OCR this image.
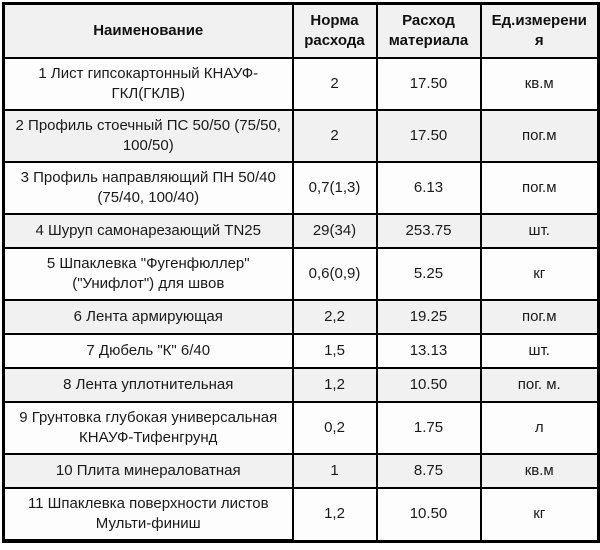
Наименование	Норма расхода	Расход материала	Ед.измерения
1 Лист гипсокартонный КНАУФ-ГКЛ(ГКЛВ)	2	17.50	кв.м
2 Профиль стоечный ПС 50/50 (75/50, 100/50)	2	17.50	пог.м
3 Профиль направляющий ПН 50/40 (75/40, 100/40)	0,7(1,3)	6.13	пог.м
4 Шуруп самонарезающий TN25	29(34)	253.75	шт.
5 Шпаклевка "Фугенфюллер" ("Унифлот") для швов	0,6(0,9)	5.25	кг
6 Лента армирующая	2,2	19.25	пог.м
7 Дюбель "К" 6/40	1,5	13.13	шт.
8 Лента уплотнительная	1,2	10.50	пог. м.
9 Грунтовка глубокая универсальная КНАУФ-Тифенгрунд	0,2	1.75	л
10 Плита минераловатная	1	8.75	кв.м
11 Шпаклевка поверхности листов Мульти-финиш	1,2	10.50	кг
